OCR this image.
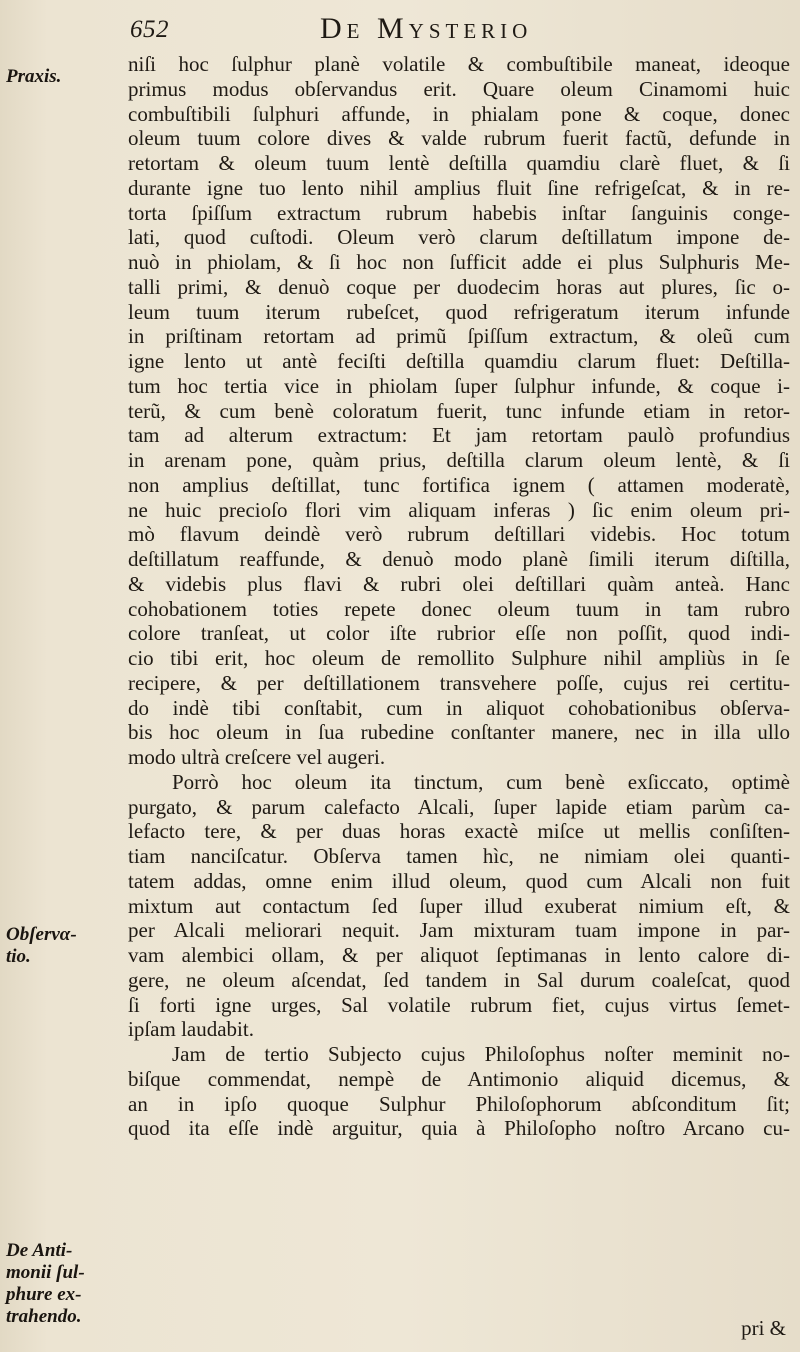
652	De Mysterio
Praxis.
Obſervα-
tio.
De Anti-
monii ſul-
phure ex-
trahendo.
niſi hoc ſulphur planè volatile & combuſtibile maneat, ideoque
primus modus obſervandus erit. Quare oleum Cinamomi huic
combuſtibili ſulphuri affunde, in phialam pone & coque, donec
oleum tuum colore dives & valde rubrum fuerit factũ, defunde in
retortam & oleum tuum lentè deſtilla quamdiu clarè fluet, & ſi
durante igne tuo lento nihil amplius fluit ſine refrigeſcat, & in re-
torta ſpiſſum extractum rubrum habebis inſtar ſanguinis conge-
lati, quod cuſtodi. Oleum verò clarum deſtillatum impone de-
nuò in phiolam, & ſi hoc non ſufficit adde ei plus Sulphuris Me-
talli primi, & denuò coque per duodecim horas aut plures, ſic o-
leum tuum iterum rubeſcet, quod refrigeratum iterum infunde
in priſtinam retortam ad primũ ſpiſſum extractum, & oleũ cum
igne lento ut antè feciſti deſtilla quamdiu clarum fluet: Deſtilla-
tum hoc tertia vice in phiolam ſuper ſulphur infunde, & coque i-
terũ, & cum benè coloratum fuerit, tunc infunde etiam in retor-
tam ad alterum extractum: Et jam retortam paulò profundius
in arenam pone, quàm prius, deſtilla clarum oleum lentè, & ſi
non amplius deſtillat, tunc fortifica ignem ( attamen moderatè,
ne huic precioſo flori vim aliquam inferas ) ſic enim oleum pri-
mò flavum deindè verò rubrum deſtillari videbis. Hoc totum
deſtillatum reaffunde, & denuò modo planè ſimili iterum diſtilla,
& videbis plus flavi & rubri olei deſtillari quàm anteà. Hanc
cohobationem toties repete donec oleum tuum in tam rubro
colore tranſeat, ut color iſte rubrior eſſe non poſſit, quod indi-
cio tibi erit, hoc oleum de remollito Sulphure nihil ampliùs in ſe
recipere, & per deſtillationem transvehere poſſe, cujus rei certitu-
do indè tibi conſtabit, cum in aliquot cohobationibus obſerva-
bis hoc oleum in ſua rubedine conſtanter manere, nec in illa ullo
modo ultrà creſcere vel augeri.
Porrò hoc oleum ita tinctum, cum benè exſiccato, optimè
purgato, & parum calefacto Alcali, ſuper lapide etiam parùm ca-
lefacto tere, & per duas horas exactè miſce ut mellis conſiſten-
tiam nanciſcatur. Obſerva tamen hìc, ne nimiam olei quanti-
tatem addas, omne enim illud oleum, quod cum Alcali non fuit
mixtum aut contactum ſed ſuper illud exuberat nimium eſt, &
per Alcali meliorari nequit. Jam mixturam tuam impone in par-
vam alembici ollam, & per aliquot ſeptimanas in lento calore di-
gere, ne oleum aſcendat, ſed tandem in Sal durum coaleſcat, quod
ſi forti igne urges, Sal volatile rubrum fiet, cujus virtus ſemet-
ipſam laudabit.
Jam de tertio Subjecto cujus Philoſophus noſter meminit no-
biſque commendat, nempè de Antimonio aliquid dicemus, &
an in ipſo quoque Sulphur Philoſophorum abſconditum ſit;
quod ita eſſe indè arguitur, quia à Philoſopho noſtro Arcano cu-
pri &
